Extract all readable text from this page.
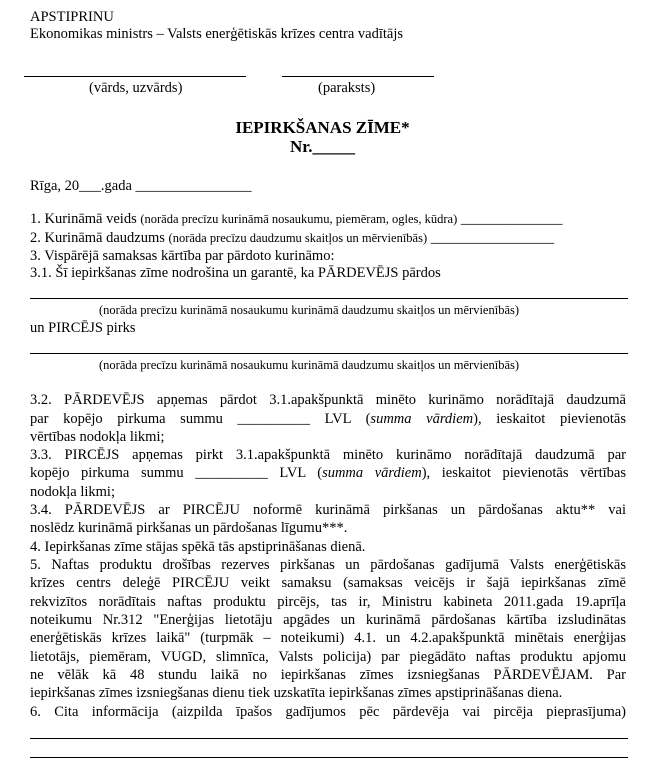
APSTIPRINU
Ekonomikas ministrs – Valsts enerģētiskās krīzes centra vadītājs
(vārds, uzvārds)	(paraksts)
IEPIRKŠANAS ZĪME*
Nr._____
Rīga, 20___.gada ________________
1. Kurināmā veids (norāda precīzu kurināmā nosaukumu, piemēram, ogles, kūdra) ______________
2. Kurināmā daudzums (norāda precīzu daudzumu skaitļos un mērvienībās) _________________
3. Vispārējā samaksas kārtība par pārdoto kurināmo:
3.1. Šī iepirkšanas zīme nodrošina un garantē, ka PĀRDEVĒJS pārdos
(norāda precīzu kurināmā nosaukumu kurināmā daudzumu skaitļos un mērvienībās)
un PIRCĒJS pirks
(norāda precīzu kurināmā nosaukumu kurināmā daudzumu skaitļos un mērvienībās)
3.2. PĀRDEVĒJS apņemas pārdot 3.1.apakšpunktā minēto kurināmo norādītajā daudzumā
par kopējo pirkuma summu __________ LVL (summa vārdiem), ieskaitot pievienotās
vērtības nodokļa likmi;
3.3. PIRCĒJS apņemas pirkt 3.1.apakšpunktā minēto kurināmo norādītajā daudzumā par
kopējo pirkuma summu __________ LVL (summa vārdiem), ieskaitot pievienotās vērtības
nodokļa likmi;
3.4. PĀRDEVĒJS ar PIRCĒJU noformē kurināmā pirkšanas un pārdošanas aktu** vai
noslēdz kurināmā pirkšanas un pārdošanas līgumu***.
4. Iepirkšanas zīme stājas spēkā tās apstiprināšanas dienā.
5. Naftas produktu drošības rezerves pirkšanas un pārdošanas gadījumā Valsts enerģētiskās
krīzes centrs deleģē PIRCĒJU veikt samaksu (samaksas veicējs ir šajā iepirkšanas zīmē
rekvizītos norādītais naftas produktu pircējs, tas ir, Ministru kabineta 2011.gada 19.aprīļa
noteikumu Nr.312 "Enerģijas lietotāju apgādes un kurināmā pārdošanas kārtība izsludinātas
enerģētiskās krīzes laikā" (turpmāk – noteikumi) 4.1. un 4.2.apakšpunktā minētais enerģijas
lietotājs, piemēram, VUGD, slimnīca, Valsts policija) par piegādāto naftas produktu apjomu
ne vēlāk kā 48 stundu laikā no iepirkšanas zīmes izsniegšanas PĀRDEVĒJAM. Par
iepirkšanas zīmes izsniegšanas dienu tiek uzskatīta iepirkšanas zīmes apstiprināšanas diena.
6. Cita informācija (aizpilda īpašos gadījumos pēc pārdevēja vai pircēja pieprasījuma)
